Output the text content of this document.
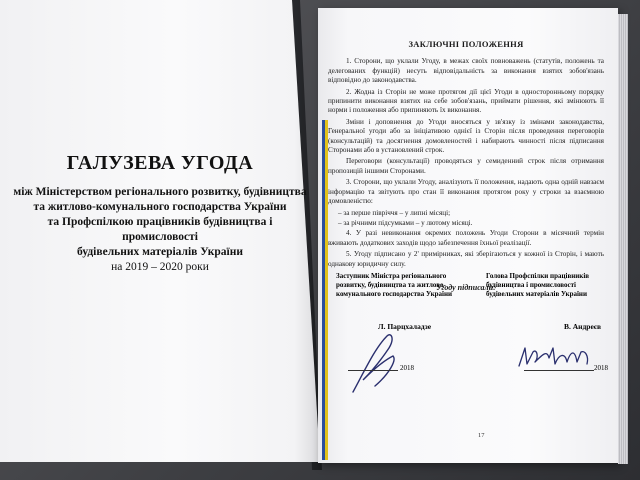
ГАЛУЗЕВА УГОДА

між Міністерством регіонального розвитку, будівництва
та житлово-комунального господарства України
та Профспілкою працівників будівництва і промисловості
будівельних матеріалів України
на 2019 – 2020 роки

ЗАКЛЮЧНІ ПОЛОЖЕННЯ

1. Сторони, що уклали Угоду, в межах своїх повноважень (статутів, положень та делегованих функцій) несуть відповідальність за виконання взятих зобов'язань відповідно до законодавства.

2. Жодна із Сторін не може протягом дії цієї Угоди в односторонньому порядку припинити виконання взятих на себе зобов'язань, приймати рішення, які змінюють її норми і положення або припиняють їх виконання.

Зміни і доповнення до Угоди вносяться у зв'язку із змінами законодавства, Генеральної угоди або за ініціативою однієї із Сторін після проведення переговорів (консультацій) та досягнення домовленостей і набирають чинності після підписання Сторонами або в установлений строк.

Переговори (консультації) проводяться у семиденний строк після отримання пропозицій іншими Сторонами.

3. Сторони, що уклали Угоду, аналізують її положення, надають одна одній навзаєм інформацію та звітують про стан її виконання протягом року у строки за взаємною домовленістю:

– за перше півріччя – у липні місяці;

– за річними підсумками – у лютому місяці.

4. У разі невиконання окремих положень Угоди Сторони в місячний термін вживають додаткових заходів щодо забезпечення їхньої реалізації.

5. Угоду підписано у 2' примірниках, які зберігаються у кожної із Сторін, і мають однакову юридичну силу.

Угоду підписали:
Заступник Міністра регіонального розвитку, будівництва та житлово-комунального господарства України
Голова Профспілки працівників будівництва і промисловості будівельних матеріалів України
Л. Парцхаладзе	В. Андреєв
2018	2018
17
